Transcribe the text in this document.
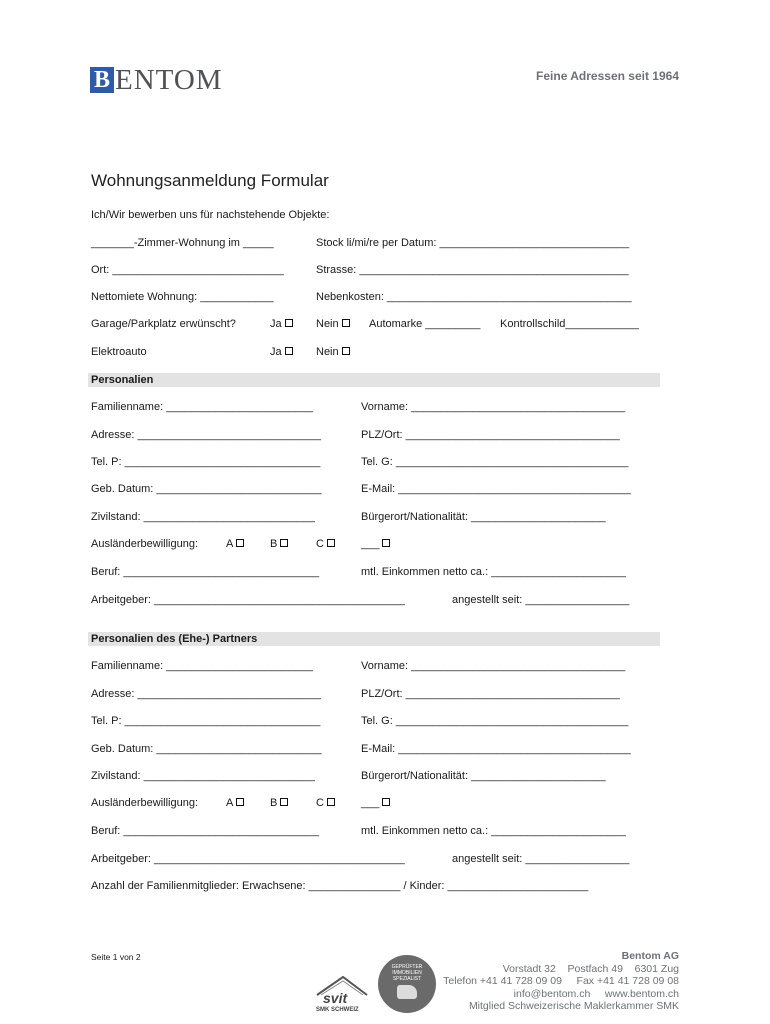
B ENTOM	Feine Adressen seit 1964
Wohnungsanmeldung Formular
Ich/Wir bewerben uns für nachstehende Objekte:
_______-Zimmer-Wohnung im _____	Stock li/mi/re per Datum: _______________________________
Ort: ____________________________	Strasse: ____________________________________________
Nettomiete Wohnung: ____________	Nebenkosten: ________________________________________
Garage/Parkplatz erwünscht?	Ja	Nein	Automarke _________ Kontrollschild____________
Elektroauto	Ja	Nein
Personalien
Familienname: ________________________	Vorname: ___________________________________
Adresse: ______________________________	PLZ/Ort: ___________________________________
Tel. P: ________________________________	Tel. G: ______________________________________
Geb. Datum: ___________________________	E-Mail: ______________________________________
Zivilstand: ____________________________	Bürgerort/Nationalität: ______________________
Ausländerbewilligung:	A	B	C	___
Beruf: ________________________________	mtl. Einkommen netto ca.: ______________________
Arbeitgeber: _________________________________________	angestellt seit: _________________
Personalien des (Ehe-) Partners
Familienname: ________________________	Vorname: ___________________________________
Adresse: ______________________________	PLZ/Ort: ___________________________________
Tel. P: ________________________________	Tel. G: ______________________________________
Geb. Datum: ___________________________	E-Mail: ______________________________________
Zivilstand: ____________________________	Bürgerort/Nationalität: ______________________
Ausländerbewilligung:	A	B	C	___
Beruf: ________________________________	mtl. Einkommen netto ca.: ______________________
Arbeitgeber: _________________________________________	angestellt seit: _________________
Anzahl der Familienmitglieder: Erwachsene: _______________ / Kinder: _______________________
Seite 1 von 2
svit
SMK SCHWEIZ
GEPRÜFTER IMMOBILIEN SPEZIALIST
Bentom AG
Vorstadt 32    Postfach 49    6301 Zug
Telefon +41 41 728 09 09     Fax +41 41 728 09 08
info@bentom.ch     www.bentom.ch
Mitglied Schweizerische Maklerkammer SMK
